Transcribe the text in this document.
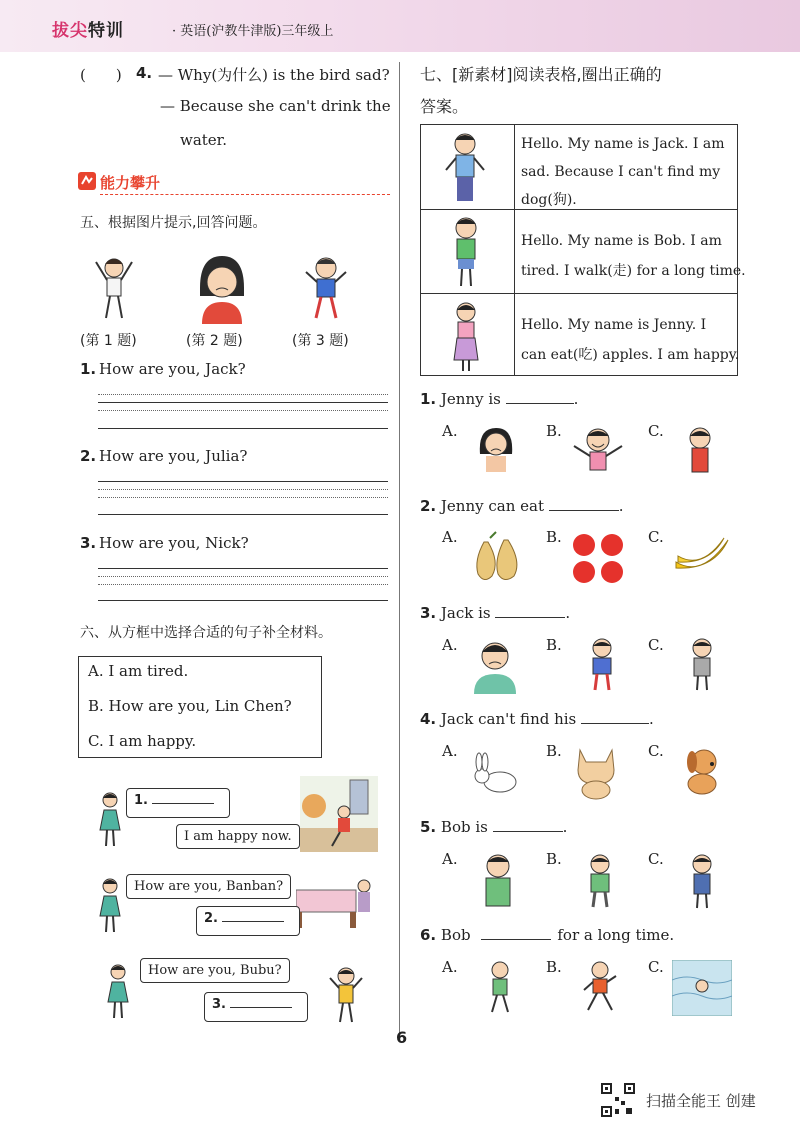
拔尖特训	· 英语(沪教牛津版)三年级上
(　　) 4. — Why(为什么) is the bird sad?
— Because she can't drink the
water.
能力攀升
五、根据图片提示,回答问题。
(第 1 题)	(第 2 题)	(第 3 题)
1. How are you, Jack?
2. How are you, Julia?
3. How are you, Nick?
六、从方框中选择合适的句子补全材料。
A. I am tired.
B. How are you, Lin Chen?
C. I am happy.
1.
I am happy now.
How are you, Banban?
2.
How are you, Bubu?
3.
七、[新素材]阅读表格,圈出正确的
答案。
Hello. My name is Jack. I am
sad. Because I can't find my
dog(狗).
Hello. My name is Bob. I am
tired. I walk(走) for a long time.
Hello. My name is Jenny. I
can eat(吃) apples. I am happy.
1. Jenny is	.
A.	B.	C.
2. Jenny can eat	.
A.	B.	C.
3. Jack is	.
A.	B.	C.
4. Jack can't find his	.
A.	B.	C.
5. Bob is	.
A.	B.	C.
6. Bob	for a long time.
A.	B.	C.
6
扫描全能王 创建
